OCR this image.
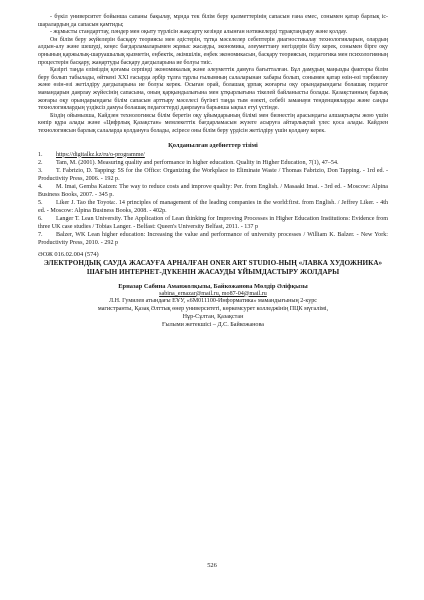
- бүкіл университет бойынша сапаны бақылау, мұнда тек білім беру қызметтерінің сапасын ғана емес, сонымен қатар барлық іс-шаралардың да сапасын қамтиды;

- жұмысты стандарттау, пәндер мен оқыту түрлісін жақсарту кезінде алынған нәтижелерді тұрақтандыру және қолдау.

Он білім беру жүйелерін басқару теориясы мен әдістерін, тұтқа мәселелер себептерін диагностикалау технологияларын, олардың алдын-алу және шешуді, кеңес бағдарламаларымен жұмыс жасауды, экономика, әлеуметтану негіздерін білу керек, сонымен бірге оқу орнының қаржылық-шаруашылық қызметін, еңбектік, әкімшілік, еңбек экономикасын, басқару теориясын, педагогика мен психологияның процестерін басқару, жаңартуды басқару дағдыларына ие болуы тиіс.

Қазіргі таңда еліміздің қоғамы серпінді экономикалық және әлеуметтік дамуға бағытталған. Бұл дамудың маңызды факторы білім беру болып табылады, өйткені XXI ғасырда әрбір тұлға тұрлы ғылымның салаларынан хабары болып, сонымен қатар өзін-өзі тәрбиелеу және өзін-өзі жетілдіру дағдыларына ие болуы керек. Осыған орай, болашақ ұрпақ жоғарғы оқу орындарындағы болашақ педагог мамандарын даярлау жүйесінің сапасына, оның қарқындылығына мен ұтқырлығына тікелей байланысты болады. Қазақстанның барлық жоғары оқу орындарындағы білім сапасын арттыру мәселесі бүгінгі таңда тым өзекті, себебі заманауи тенденцияларды және санды технологиялардың үздіксіз дамуы болашақ педагогтерді даярлауға барынша ықпал етуі үстінде.

Біздің ойымызша, Кайдзен технологиясы білім беретін оқу ұйымдарының білімі мен бизнестің арасындағы алшақтықты жою үшін көпір құра алады және «Цифрлық Қазақстан» мемлекеттік бағдарламасын жүзеге асыруға айтарлықтай үлес қоса алады. Кайдзен технологиясын барлық салаларда қолдануға болады, әсіресе оны білім беру үрдісін жетілдіру үшін қолдану керек.

Қолданылған әдебиеттер тізімі
1. https://digitalkz.kz/ru/o-programme/
2. Tam, M. (2001). Measuring quality and performance in higher education. Quality in Higher Education, 7(1), 47–54.
3. T. Fabrizio, D. Tapping: 5S for the Office: Organizing the Workplace to Eliminate Waste / Thomas Fabrizio, Don Tapping. - 1rd ed. - Productivity Press, 2006. - 192 p.
4. M. Imai, Gemba Kaizen: The way to reduce costs and improve quality: Per. from English. / Masaaki Imai. - 3rd ed. - Moscow: Alpina Business Books, 2007. - 345 p.
5. Liker J. Tao the Toyota:. 14 principles of management of the leading companies in the world:first. from English. / Jeffrey Liker. - 4th ed. - Moscow: Alpina Business Books, 2008. - 402p.
6. Langer T. Lean University. The Application of Lean thinking for Improving Processes in Higher Education Institutions: Evidence from three UK case studies / Tobias Langer. - Belfast: Queen's University Belfast, 2011. - 137 p
7. Balzer, WK Lean higher education: Increasing the value and performance of university processes / William K. Balzer. - New York: Productivity Press, 2010. - 292 p
ӘОЖ 016.02.004 (574)
ЭЛЕКТРОНДЫҚ САУДА ЖАСАУҒА АРНАЛҒАН ONER ART STUDIO-НЫҢ «ЛАВКА ХУДОЖНИКА» ШАҒЫН ИНТЕРНЕТ-ДҮКЕНІН ЖАСАУДЫ ҰЙЫМДАСТЫРУ ЖОЛДАРЫ
Ерназар Сабина Аманжолқызы, Байкожанова Мөлдір Әліфқызы
sabina_ernazar@mail.ru, mo87-04@mail.ru
Л.Н. Гумилев атындағы ЕҰУ, «6М011100-Информатика» мамандығының 2-курс
магистранты, Қазақ Әлттық өнер университеті, көркемсурет колледжінің ПЦК мүгалімі,
Нұр-Сұлтан, Қазақстан
Ғылыми жетекшісі – Д.С. Байкожанова
526
